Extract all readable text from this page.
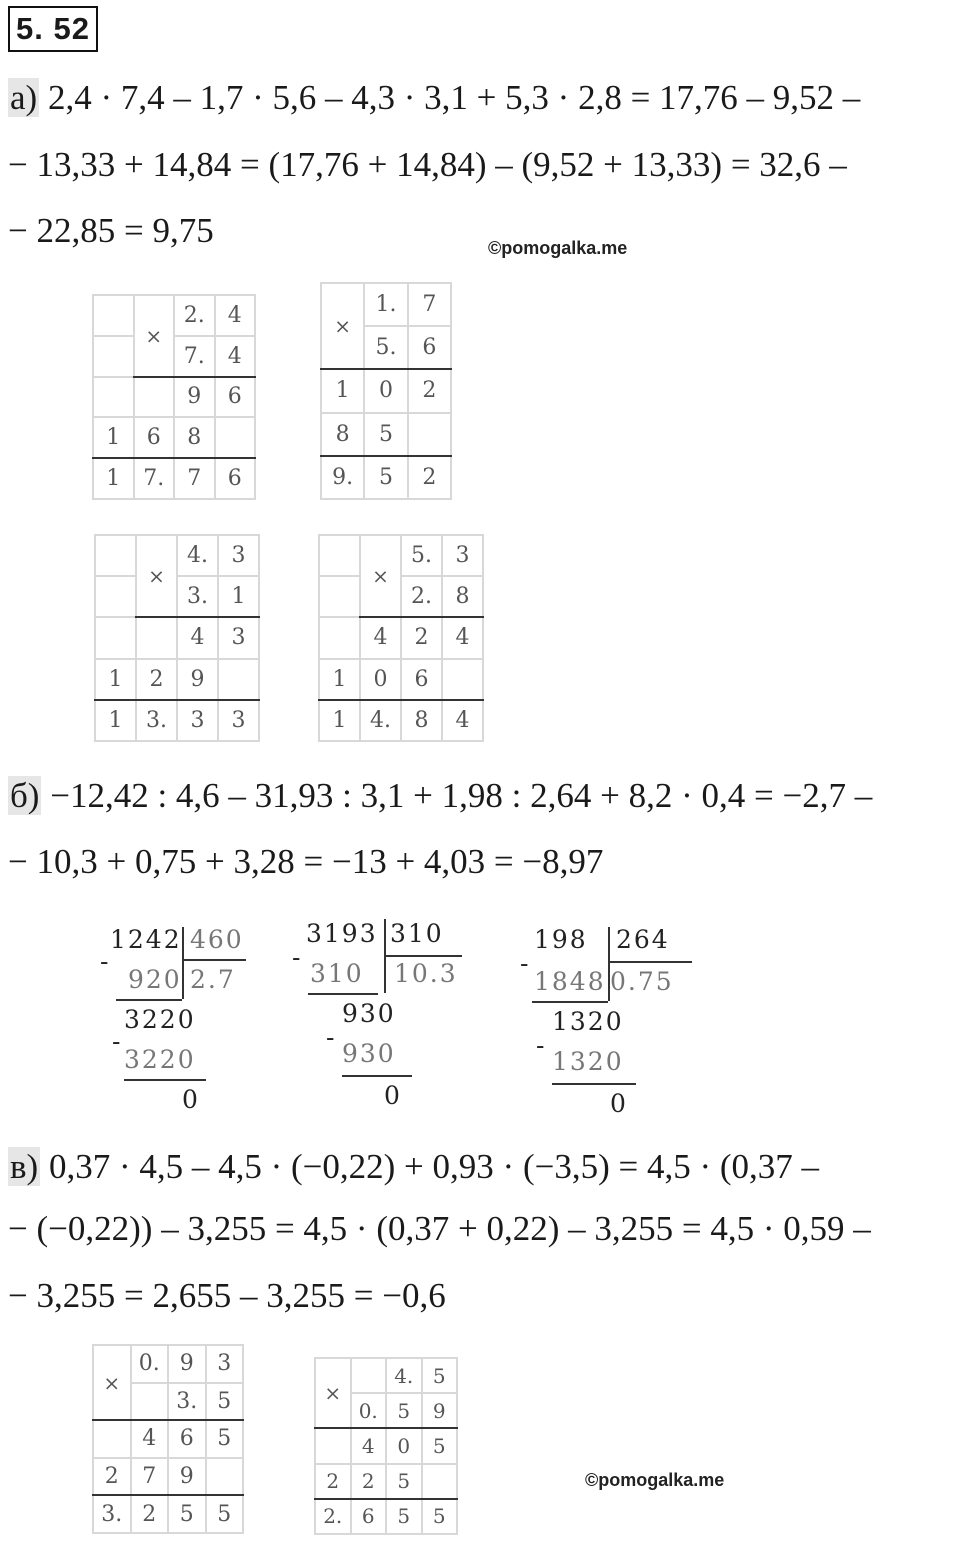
5. 52
а) 2,4 · 7,4 – 1,7 · 5,6 – 4,3 · 3,1 + 5,3 · 2,8 = 17,76 – 9,52 –
− 13,33 + 14,84 = (17,76 + 14,84) – (9,52 + 13,33) = 32,6 –
− 22,85 = 9,75	©pomogalka.me
	×	2.	4
		7.	4
		9	6
1	6	8	
1	7.	7	6
×	1.	7
	5.	6
1	0	2
8	5	
9.	5	2
	×	4.	3
		3.	1
		4	3
1	2	9	
1	3.	3	3
	×	5.	3
		2.	8
	4	2	4
1	0	6	
1	4.	8	4
б) −12,42 : 4,6 – 31,93 : 3,1 + 1,98 : 2,64 + 8,2 · 0,4 = −2,7 –
− 10,3 + 0,75 + 3,28 = −13 + 4,03 = −8,97
1242 460
-
920 2.7
3220
-
3220
0
3193 310
-
310 10.3
930
-
930
0
198 264
-
1848 0.75
1320
-
1320
0
в) 0,37 · 4,5 – 4,5 · (−0,22) + 0,93 · (−3,5) = 4,5 · (0,37 –
− (−0,22)) – 3,255 = 4,5 · (0,37 + 0,22) – 3,255 = 4,5 · 0,59 –
− 3,255 = 2,655 – 3,255 = −0,6
×	0.	9	3
		3.	5
	4	6	5
2	7	9	
3.	2	5	5
×		4.	5
	0.	5	9
	4	0	5
2	2	5	
2.	6	5	5
©pomogalka.me
